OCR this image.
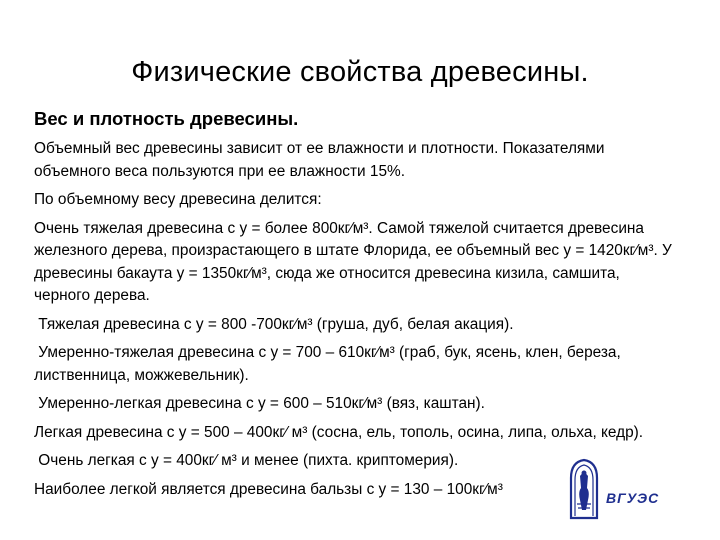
Физические свойства древесины.
Вес и плотность древесины.

Объемный вес древесины зависит от ее влажности и плотности. Показателями объемного веса пользуются при ее влажности 15%.

По объемному весу древесина делится:

Очень тяжелая древесина с у = более 800кг⁄м³. Самой тяжелой считается древесина железного дерева, произрастающего в штате Флорида, ее объемный вес у = 1420кг⁄м³. У древесины бакаута у = 1350кг⁄м³, сюда же относится древесина кизила, самшита, черного дерева.

Тяжелая древесина с у = 800 -700кг⁄м³ (груша, дуб, белая акация).

Умеренно-тяжелая древесина с у = 700 – 610кг⁄м³ (граб, бук, ясень, клен, береза, лиственница, можжевельник).

Умеренно-легкая древесина с у = 600 – 510кг⁄м³ (вяз, каштан).

Легкая древесина с у = 500 – 400кг⁄ м³ (сосна, ель, тополь, осина, липа, ольха, кедр).

Очень легкая с у = 400кг⁄ м³ и менее (пихта. криптомерия).

Наиболее легкой является древесина бальзы с у = 130 – 100кг⁄м³

ВГУЭС
